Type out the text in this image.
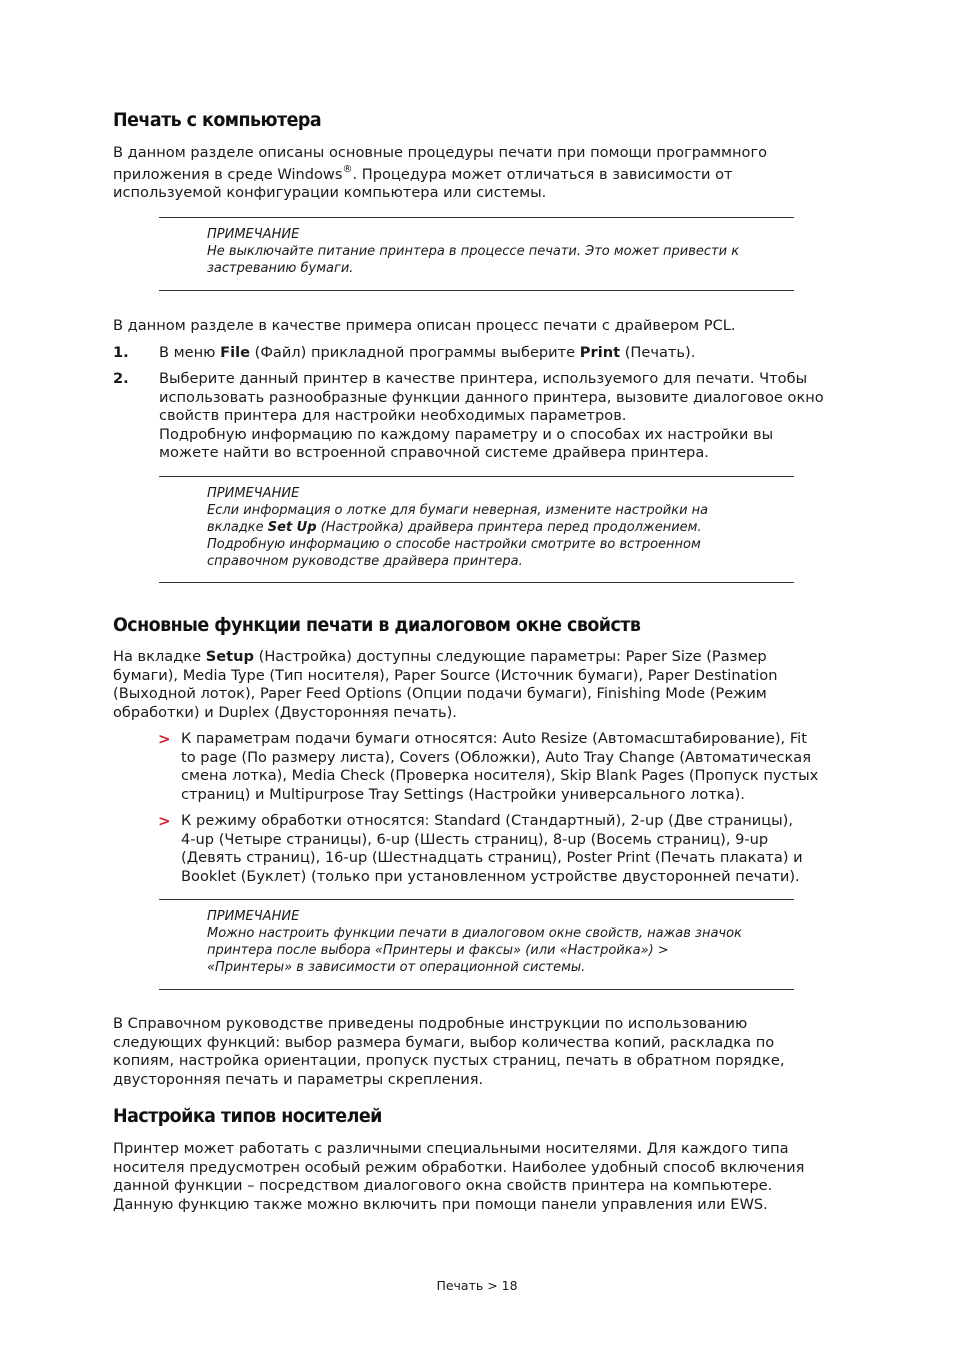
Печать с компьютера
В данном разделе описаны основные процедуры печати при помощи программного
приложения в среде Windows®. Процедура может отличаться в зависимости от
используемой конфигурации компьютера или системы.
ПРИМЕЧАНИЕ
Не выключайте питание принтера в процессе печати. Это может привести к
застреванию бумаги.
В данном разделе в качестве примера описан процесс печати с драйвером PCL.
1. В меню File (Файл) прикладной программы выберите Print (Печать).
2. Выберите данный принтер в качестве принтера, используемого для печати. Чтобы
использовать разнообразные функции данного принтера, вызовите диалоговое окно
свойств принтера для настройки необходимых параметров.
Подробную информацию по каждому параметру и о способах их настройки вы
можете найти во встроенной справочной системе драйвера принтера.
ПРИМЕЧАНИЕ
Если информация о лотке для бумаги неверная, измените настройки на
вкладке Set Up (Настройка) драйвера принтера перед продолжением.
Подробную информацию о способе настройки смотрите во встроенном
справочном руководстве драйвера принтера.
Основные функции печати в диалоговом окне свойств
На вкладке Setup (Настройка) доступны следующие параметры: Paper Size (Размер
бумаги), Media Type (Тип носителя), Paper Source (Источник бумаги), Paper Destination
(Выходной лоток), Paper Feed Options (Опции подачи бумаги), Finishing Mode (Режим
обработки) и Duplex (Двусторонняя печать).
> К параметрам подачи бумаги относятся: Auto Resize (Автомасштабирование), Fit
to page (По размеру листа), Covers (Обложки), Auto Tray Change (Автоматическая
смена лотка), Media Check (Проверка носителя), Skip Blank Pages (Пропуск пустых
страниц) и Multipurpose Tray Settings (Настройки универсального лотка).
> К режиму обработки относятся: Standard (Стандартный), 2-up (Две страницы),
4-up (Четыре страницы), 6-up (Шесть страниц), 8-up (Восемь страниц), 9-up
(Девять страниц), 16-up (Шестнадцать страниц), Poster Print (Печать плаката) и
Booklet (Буклет) (только при установленном устройстве двусторонней печати).
ПРИМЕЧАНИЕ
Можно настроить функции печати в диалоговом окне свойств, нажав значок
принтера после выбора «Принтеры и факсы» (или «Настройка») >
«Принтеры» в зависимости от операционной системы.
В Справочном руководстве приведены подробные инструкции по использованию
следующих функций: выбор размера бумаги, выбор количества копий, раскладка по
копиям, настройка ориентации, пропуск пустых страниц, печать в обратном порядке,
двусторонняя печать и параметры скрепления.
Настройка типов носителей
Принтер может работать с различными специальными носителями. Для каждого типа
носителя предусмотрен особый режим обработки. Наиболее удобный способ включения
данной функции – посредством диалогового окна свойств принтера на компьютере.
Данную функцию также можно включить при помощи панели управления или EWS.
Печать > 18
